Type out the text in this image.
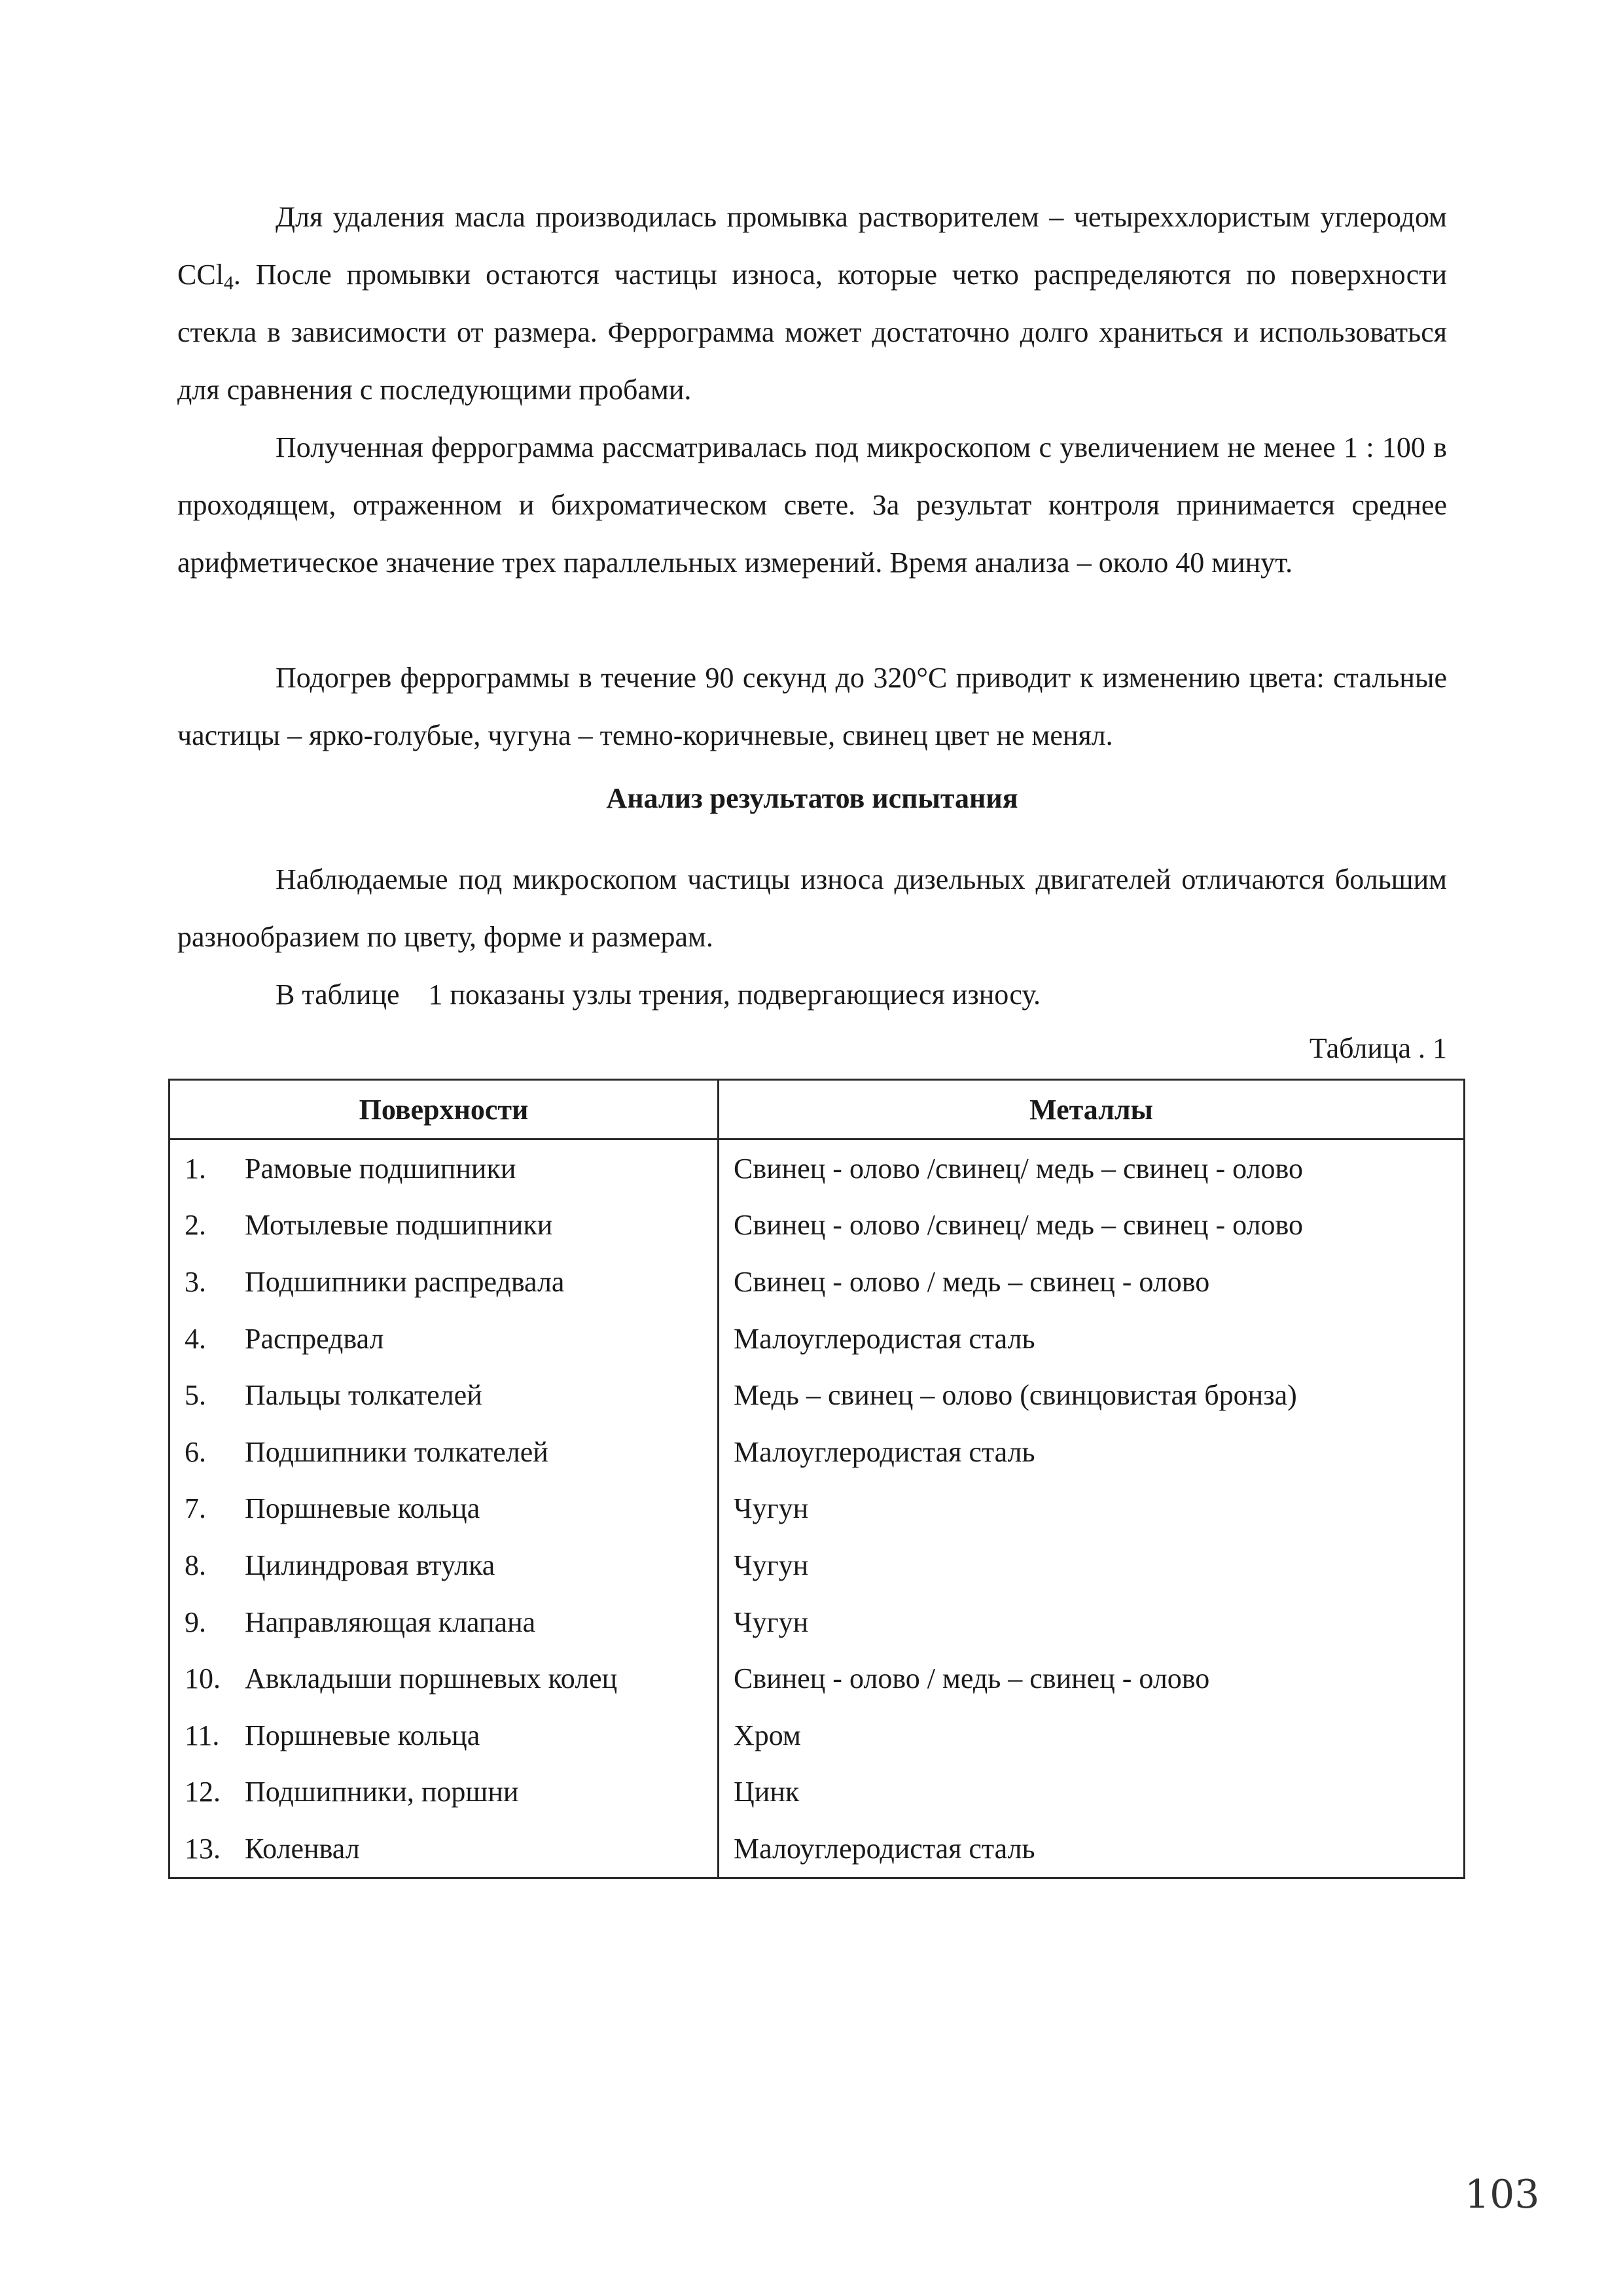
Для удаления масла производилась промывка растворителем – четыреххлористым углеродом CCl$_4$. После промывки остаются частицы износа, которые четко распределяются по поверхности стекла в зависимости от размера. Феррограмма может достаточно долго храниться и использоваться для сравнения с последующими пробами.

Полученная феррограмма рассматривалась под микроскопом с увеличением не менее 1 : 100 в проходящем, отраженном и бихроматическом свете. За результат контроля принимается среднее арифметическое значение трех параллельных измерений. Время анализа – около 40 минут.

Подогрев феррограммы в течение 90 секунд до 320°C приводит к изменению цвета: стальные частицы – ярко-голубые, чугуна – темно-коричневые, свинец цвет не менял.

Анализ результатов испытания

Наблюдаемые под микроскопом частицы износа дизельных двигателей отличаются большим разнообразием по цвету, форме и размерам.

В таблице    1 показаны узлы трения, подвергающиеся износу.

Таблица . 1
Поверхности	Металлы
1. Рамовые подшипники	Свинец - олово /свинец/ медь – свинец - олово
2. Мотылевые подшипники	Свинец - олово /свинец/ медь – свинец - олово
3. Подшипники распредвала	Свинец - олово / медь – свинец - олово
4. Распредвал	Малоуглеродистая сталь
5. Пальцы толкателей	Медь – свинец – олово (свинцовистая бронза)
6. Подшипники толкателей	Малоуглеродистая сталь
7. Поршневые кольца	Чугун
8. Цилиндровая втулка	Чугун
9. Направляющая клапана	Чугун
10. Авкладыши поршневых колец	Свинец - олово / медь – свинец - олово
11. Поршневые кольца	Хром
12. Подшипники, поршни	Цинк
13. Коленвал	Малоуглеродистая сталь
103
